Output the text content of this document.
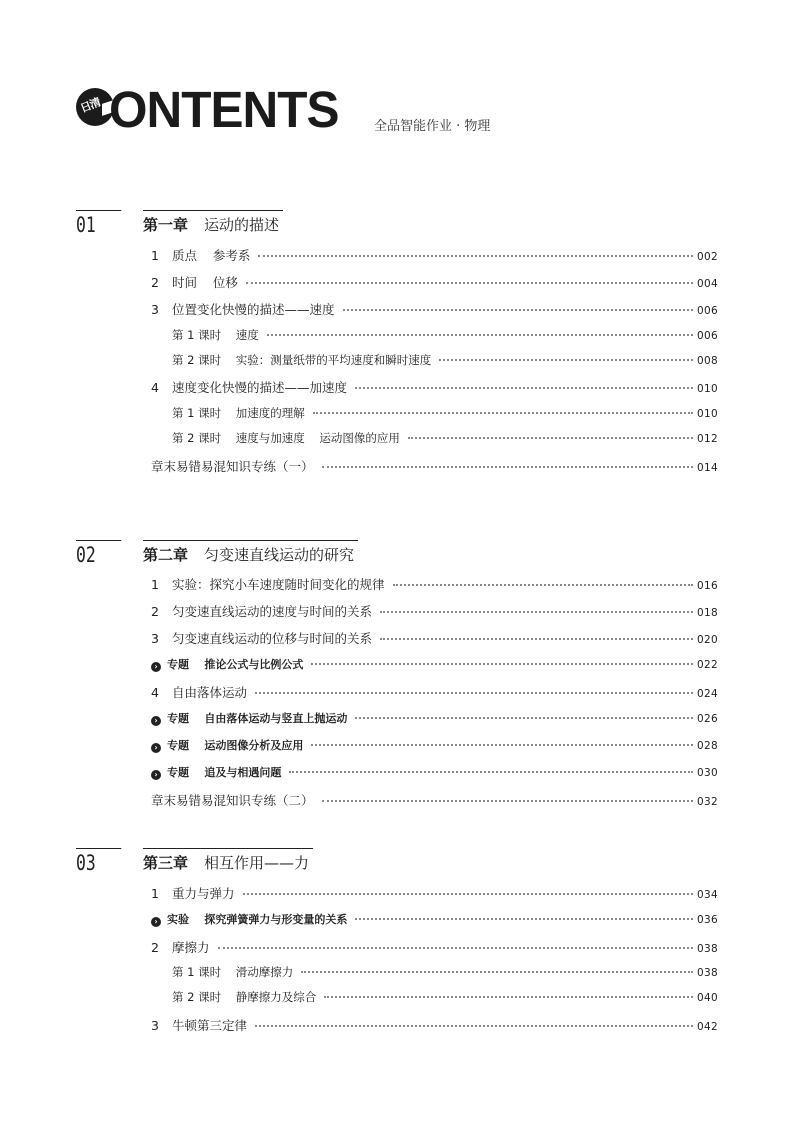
日清 ONTENTS	全品智能作业 · 物理
01	第一章 运动的描述
1	质点    参考系	002
2	时间    位移	004
3	位置变化快慢的描述——速度	006
第 1 课时    速度	006
第 2 课时    实验：测量纸带的平均速度和瞬时速度	008
4	速度变化快慢的描述——加速度	010
第 1 课时    加速度的理解	010
第 2 课时    速度与加速度    运动图像的应用	012
章末易错易混知识专练（一）	014
02	第二章 匀变速直线运动的研究
1	实验：探究小车速度随时间变化的规律	016
2	匀变速直线运动的速度与时间的关系	018
3	匀变速直线运动的位移与时间的关系	020
› 专题    推论公式与比例公式	022
4	自由落体运动	024
› 专题    自由落体运动与竖直上抛运动	026
› 专题    运动图像分析及应用	028
› 专题    追及与相遇问题	030
章末易错易混知识专练（二）	032
03	第三章 相互作用——力
1	重力与弹力	034
› 实验    探究弹簧弹力与形变量的关系	036
2	摩擦力	038
第 1 课时    滑动摩擦力	038
第 2 课时    静摩擦力及综合	040
3	牛顿第三定律	042
